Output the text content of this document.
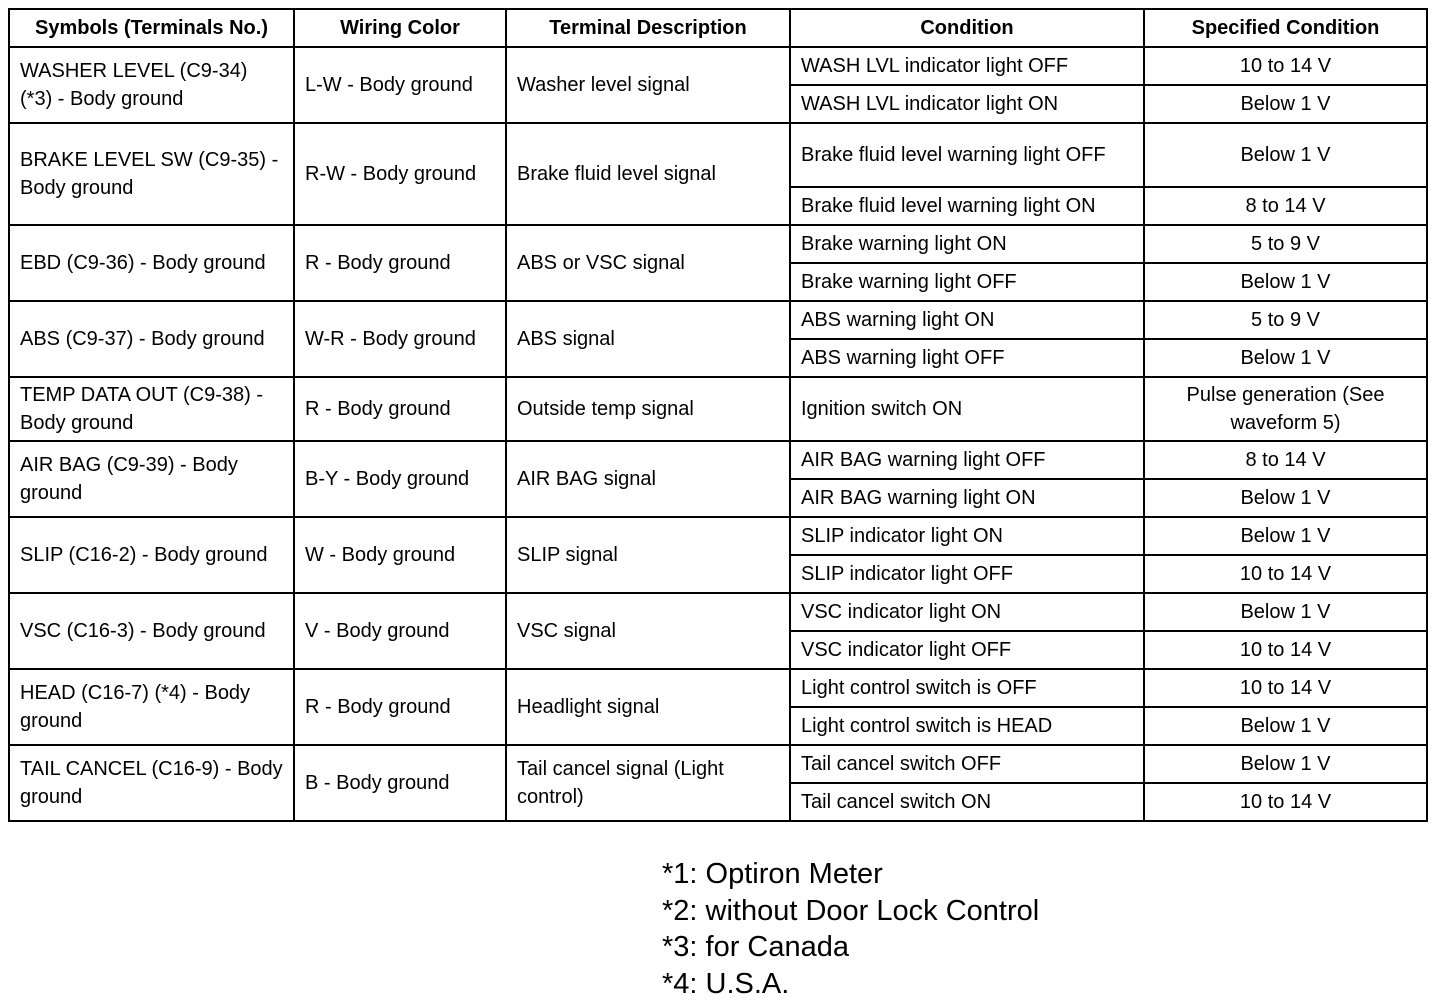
Symbols (Terminals No.)	Wiring Color	Terminal Description	Condition	Specified Condition
WASHER LEVEL (C9-34) (*3) - Body ground	L-W - Body ground	Washer level signal	WASH LVL indicator light OFF	10 to 14 V
			WASH LVL indicator light ON	Below 1 V
BRAKE LEVEL SW (C9-35) - Body ground	R-W - Body ground	Brake fluid level signal	Brake fluid level warning light OFF	Below 1 V
			Brake fluid level warning light ON	8 to 14 V
EBD (C9-36) - Body ground	R - Body ground	ABS or VSC signal	Brake warning light ON	5 to 9 V
			Brake warning light OFF	Below 1 V
ABS (C9-37) - Body ground	W-R - Body ground	ABS signal	ABS warning light ON	5 to 9 V
			ABS warning light OFF	Below 1 V
TEMP DATA OUT (C9-38) - Body ground	R - Body ground	Outside temp signal	Ignition switch ON	Pulse generation (See waveform 5)
AIR BAG (C9-39) - Body ground	B-Y - Body ground	AIR BAG signal	AIR BAG warning light OFF	8 to 14 V
			AIR BAG warning light ON	Below 1 V
SLIP (C16-2) - Body ground	W - Body ground	SLIP signal	SLIP indicator light ON	Below 1 V
			SLIP indicator light OFF	10 to 14 V
VSC (C16-3) - Body ground	V - Body ground	VSC signal	VSC indicator light ON	Below 1 V
			VSC indicator light OFF	10 to 14 V
HEAD (C16-7) (*4) - Body ground	R - Body ground	Headlight signal	Light control switch is OFF	10 to 14 V
			Light control switch is HEAD	Below 1 V
TAIL CANCEL (C16-9) - Body ground	B - Body ground	Tail cancel signal (Light control)	Tail cancel switch OFF	Below 1 V
			Tail cancel switch ON	10 to 14 V
*1: Optiron Meter
*2: without Door Lock Control
*3: for Canada
*4: U.S.A.
